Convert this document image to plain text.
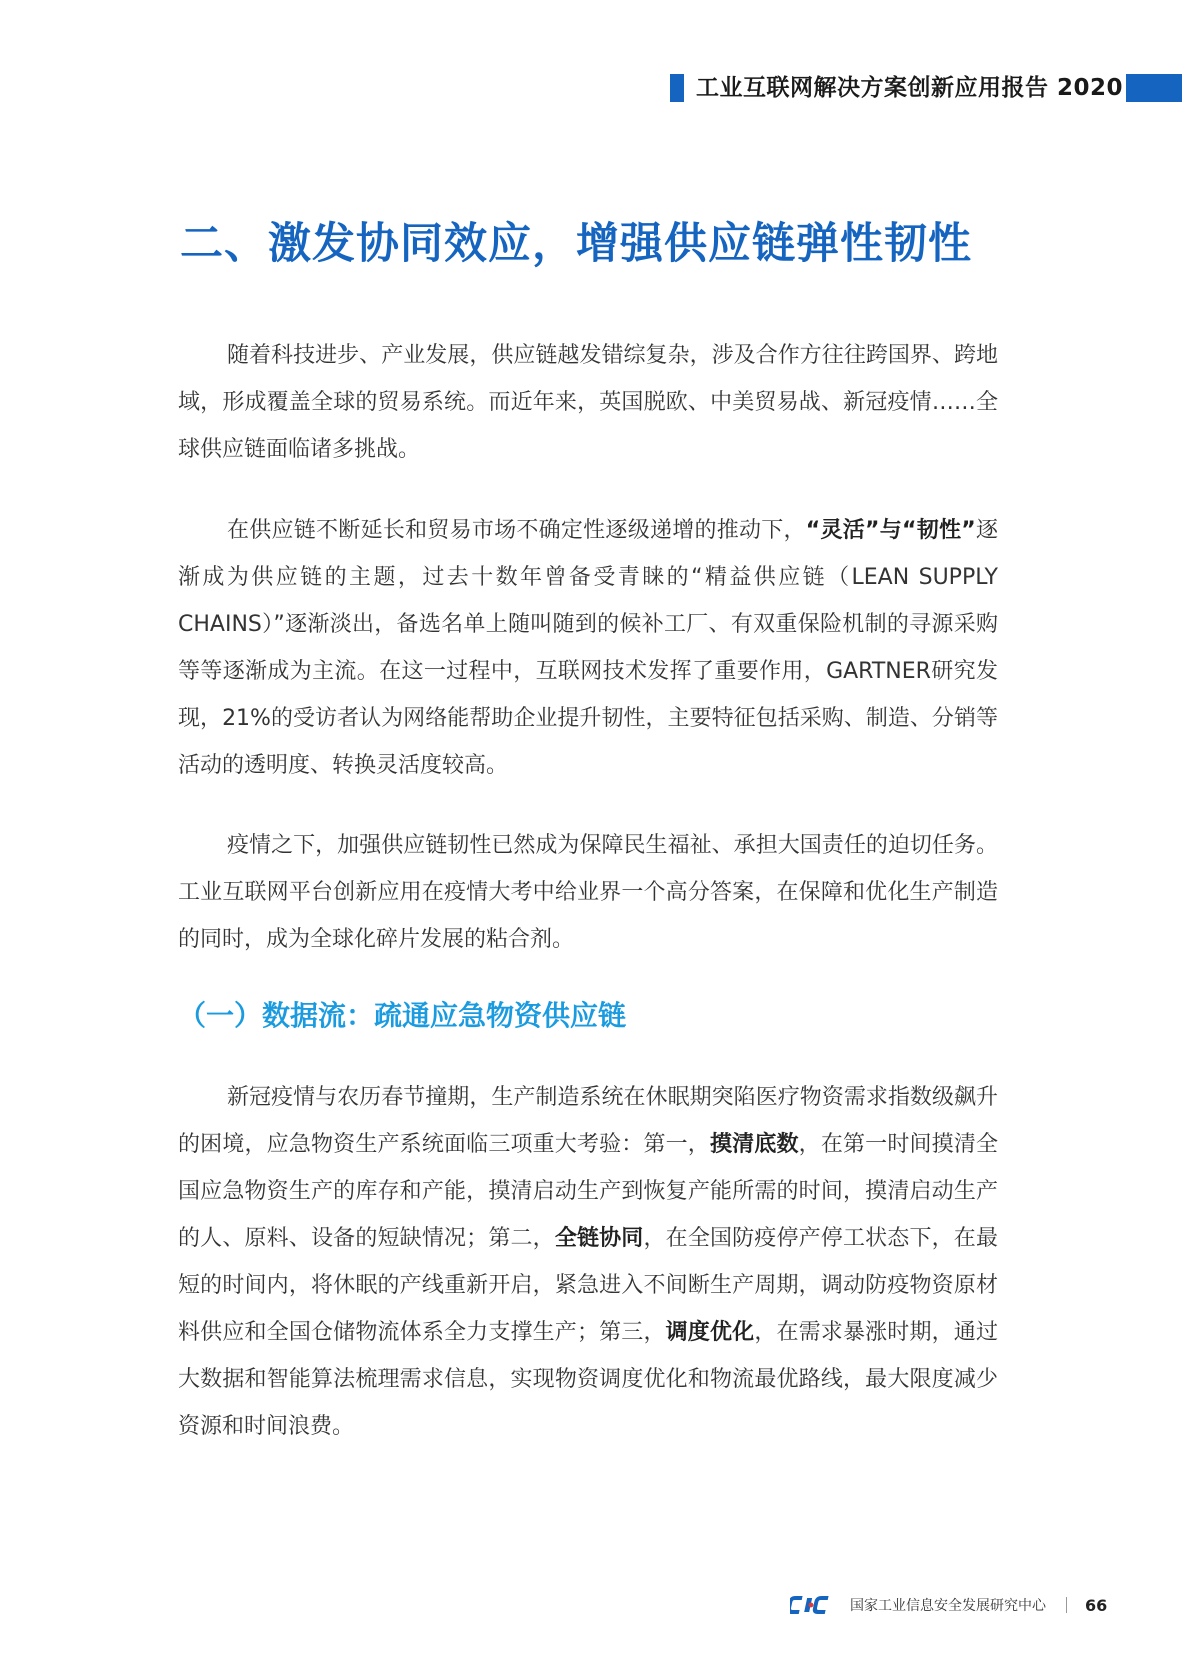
工业互联网解决方案创新应用报告 2020
二、激发协同效应，增强供应链弹性韧性

随着科技进步、产业发展，供应链越发错综复杂，涉及合作方往往跨国界、跨地域，形成覆盖全球的贸易系统。而近年来，英国脱欧、中美贸易战、新冠疫情……全球供应链面临诸多挑战。

在供应链不断延长和贸易市场不确定性逐级递增的推动下，“灵活”与“韧性”逐渐成为供应链的主题，过去十数年曾备受青睐的“精益供应链（LEAN SUPPLY CHAINS）”逐渐淡出，备选名单上随叫随到的候补工厂、有双重保险机制的寻源采购等等逐渐成为主流。在这一过程中，互联网技术发挥了重要作用，GARTNER研究发现，21%的受访者认为网络能帮助企业提升韧性，主要特征包括采购、制造、分销等活动的透明度、转换灵活度较高。

疫情之下，加强供应链韧性已然成为保障民生福祉、承担大国责任的迫切任务。工业互联网平台创新应用在疫情大考中给业界一个高分答案，在保障和优化生产制造的同时，成为全球化碎片发展的粘合剂。

（一）数据流：疏通应急物资供应链

新冠疫情与农历春节撞期，生产制造系统在休眠期突陷医疗物资需求指数级飙升的困境，应急物资生产系统面临三项重大考验：第一，摸清底数，在第一时间摸清全国应急物资生产的库存和产能，摸清启动生产到恢复产能所需的时间，摸清启动生产的人、原料、设备的短缺情况；第二，全链协同，在全国防疫停产停工状态下，在最短的时间内，将休眠的产线重新开启，紧急进入不间断生产周期，调动防疫物资原材料供应和全国仓储物流体系全力支撑生产；第三，调度优化，在需求暴涨时期，通过大数据和智能算法梳理需求信息，实现物资调度优化和物流最优路线，最大限度减少资源和时间浪费。

国家工业信息安全发展研究中心 66
